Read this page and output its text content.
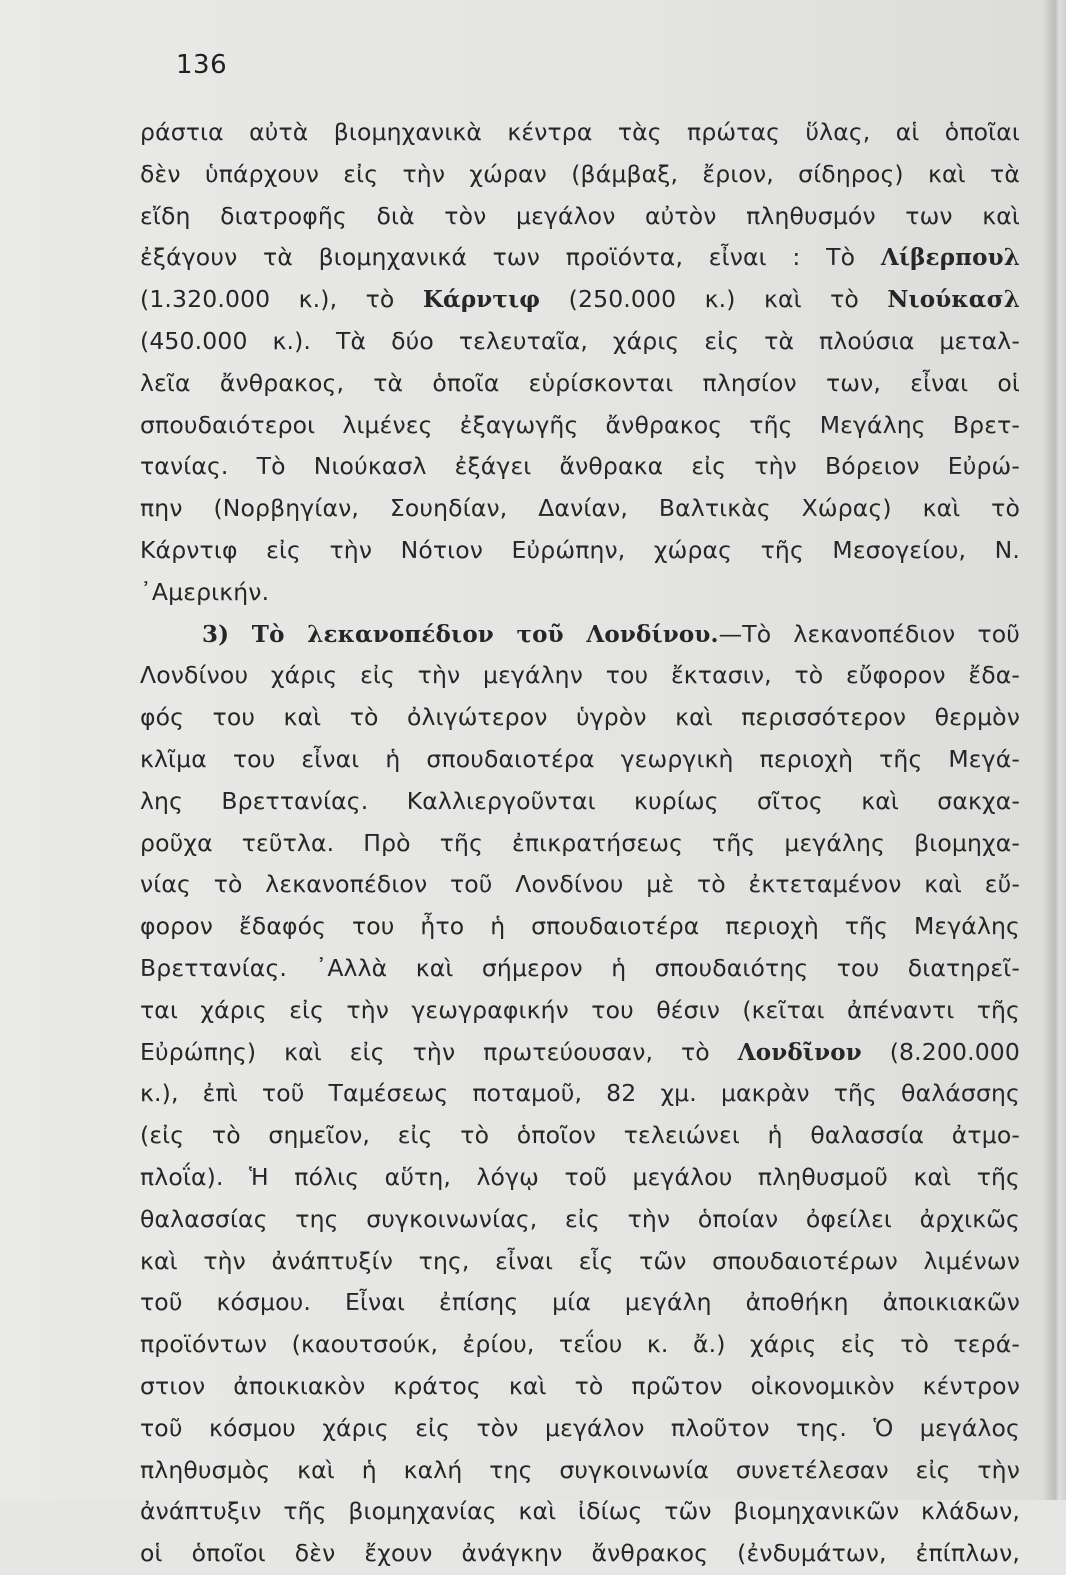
136
ράστια αὐτὰ βιομηχανικὰ κέντρα τὰς πρώτας ὕλας, αἱ ὁποῖαι
δὲν ὑπάρχουν εἰς τὴν χώραν (βάμβαξ, ἔριον, σίδηρος) καὶ τὰ
εἴδη διατροφῆς διὰ τὸν μεγάλον αὐτὸν πληθυσμόν των καὶ
ἐξάγουν τὰ βιομηχανικά των προϊόντα, εἶναι : Τὸ Λίβερπουλ
(1.320.000 κ.), τὸ Κάρντιφ (250.000 κ.) καὶ τὸ Νιούκασλ
(450.000 κ.). Τὰ δύο τελευταῖα, χάρις εἰς τὰ πλούσια μεταλ-
λεῖα ἄνθρακος, τὰ ὁποῖα εὑρίσκονται πλησίον των, εἶναι οἱ
σπουδαιότεροι λιμένες ἐξαγωγῆς ἄνθρακος τῆς Μεγάλης Βρετ-
τανίας. Τὸ Νιούκασλ ἐξάγει ἄνθρακα εἰς τὴν Βόρειον Εὐρώ-
πην (Νορβηγίαν, Σουηδίαν, Δανίαν, Βαλτικὰς Χώρας) καὶ τὸ
Κάρντιφ εἰς τὴν Νότιον Εὐρώπην, χώρας τῆς Μεσογείου, Ν.
᾿Αμερικήν.
3) Τὸ λεκανοπέδιον τοῦ Λονδίνου.—Τὸ λεκανοπέδιον τοῦ
Λονδίνου χάρις εἰς τὴν μεγάλην του ἔκτασιν, τὸ εὔφορον ἔδα-
φός του καὶ τὸ ὀλιγώτερον ὑγρὸν καὶ περισσότερον θερμὸν
κλῖμα του εἶναι ἡ σπουδαιοτέρα γεωργικὴ περιοχὴ τῆς Μεγά-
λης Βρεττανίας. Καλλιεργοῦνται κυρίως σῖτος καὶ σακχα-
ροῦχα τεῦτλα. Πρὸ τῆς ἐπικρατήσεως τῆς μεγάλης βιομηχα-
νίας τὸ λεκανοπέδιον τοῦ Λονδίνου μὲ τὸ ἐκτεταμένον καὶ εὔ-
φορον ἔδαφός του ἦτο ἡ σπουδαιοτέρα περιοχὴ τῆς Μεγάλης
Βρεττανίας. ᾿Αλλὰ καὶ σήμερον ἡ σπουδαιότης του διατηρεῖ-
ται χάρις εἰς τὴν γεωγραφικήν του θέσιν (κεῖται ἀπέναντι τῆς
Εὐρώπης) καὶ εἰς τὴν πρωτεύουσαν, τὸ Λονδῖνον (8.200.000
κ.), ἐπὶ τοῦ Ταμέσεως ποταμοῦ, 82 χμ. μακρὰν τῆς θαλάσσης
(εἰς τὸ σημεῖον, εἰς τὸ ὁποῖον τελειώνει ἡ θαλασσία ἀτμο-
πλοΐα). Ἡ πόλις αὕτη, λόγῳ τοῦ μεγάλου πληθυσμοῦ καὶ τῆς
θαλασσίας της συγκοινωνίας, εἰς τὴν ὁποίαν ὀφείλει ἀρχικῶς
καὶ τὴν ἀνάπτυξίν της, εἶναι εἷς τῶν σπουδαιοτέρων λιμένων
τοῦ κόσμου. Εἶναι ἐπίσης μία μεγάλη ἀποθήκη ἀποικιακῶν
προϊόντων (καουτσούκ, ἐρίου, τεΐου κ. ἄ.) χάρις εἰς τὸ τερά-
στιον ἀποικιακὸν κράτος καὶ τὸ πρῶτον οἰκονομικὸν κέντρον
τοῦ κόσμου χάρις εἰς τὸν μεγάλον πλοῦτον της. Ὁ μεγάλος
πληθυσμὸς καὶ ἡ καλή της συγκοινωνία συνετέλεσαν εἰς τὴν
ἀνάπτυξιν τῆς βιομηχανίας καὶ ἰδίως τῶν βιομηχανικῶν κλάδων,
οἱ ὁποῖοι δὲν ἔχουν ἀνάγκην ἄνθρακος (ἐνδυμάτων, ἐπίπλων,
